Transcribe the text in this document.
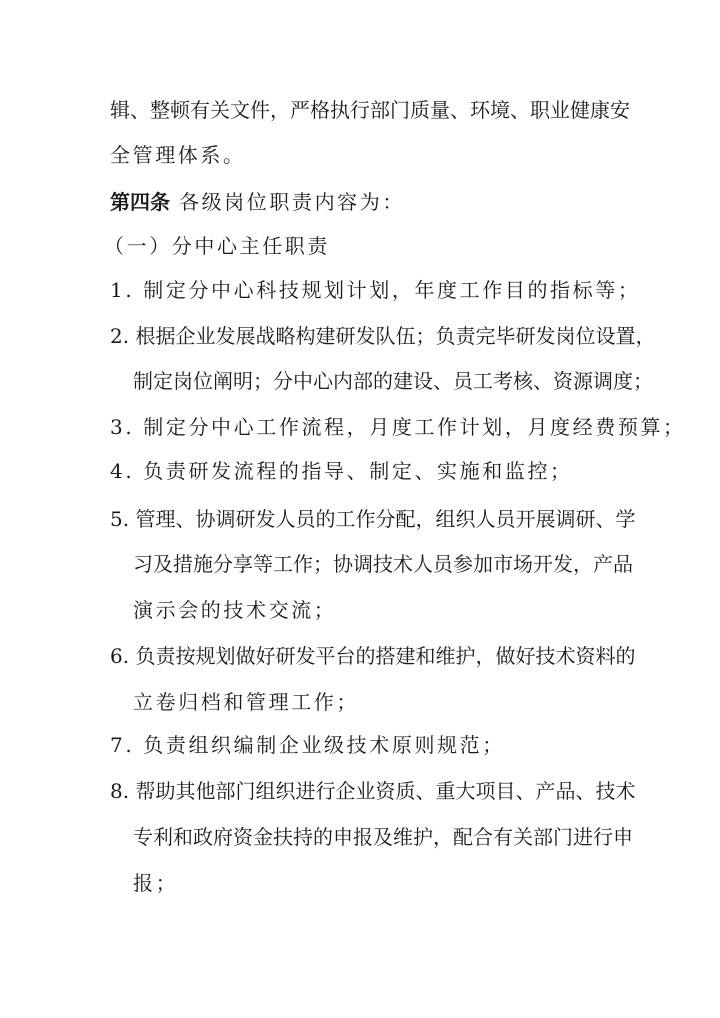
辑、整顿有关文件，严格执行部门质量、环境、职业健康安
全管理体系。
第四条 各级岗位职责内容为：
（一）分中心主任职责
1. 制定分中心科技规划计划，年度工作目的指标等；
2. 根据企业发展战略构建研发队伍；负责完毕研发岗位设置，
制定岗位阐明；分中心内部的建设、员工考核、资源调度；
3. 制定分中心工作流程，月度工作计划，月度经费预算；
4. 负责研发流程的指导、制定、实施和监控；
5. 管理、协调研发人员的工作分配，组织人员开展调研、学
习及措施分享等工作；协调技术人员参加市场开发，产品
演示会的技术交流；
6. 负责按规划做好研发平台的搭建和维护，做好技术资料的
立卷归档和管理工作；
7. 负责组织编制企业级技术原则规范；
8. 帮助其他部门组织进行企业资质、重大项目、产品、技术
专利和政府资金扶持的申报及维护，配合有关部门进行申
报；
